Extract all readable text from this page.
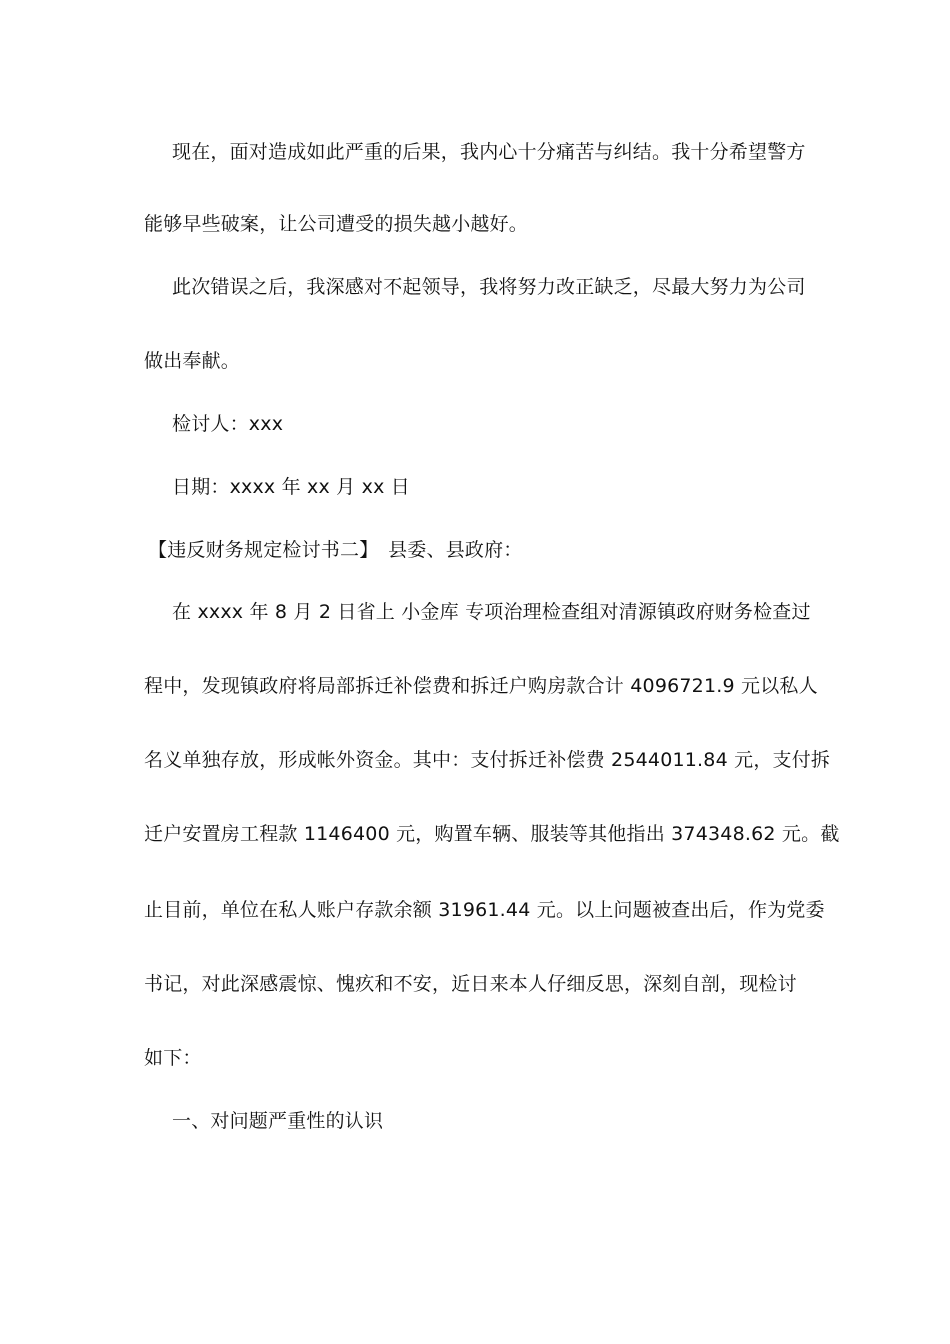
现在，面对造成如此严重的后果，我内心十分痛苦与纠结。我十分希望警方
能够早些破案，让公司遭受的损失越小越好。
此次错误之后，我深感对不起领导，我将努力改正缺乏，尽最大努力为公司
做出奉献。
检讨人：xxx
日期：xxxx 年 xx 月 xx 日
【违反财务规定检讨书二】　县委、县政府：
在 xxxx 年 8 月 2 日省上 小金库 专项治理检查组对清源镇政府财务检查过
程中，发现镇政府将局部拆迁补偿费和拆迁户购房款合计 4096721.9 元以私人
名义单独存放，形成帐外资金。其中：支付拆迁补偿费 2544011.84 元，支付拆
迁户安置房工程款 1146400 元，购置车辆、服装等其他指出 374348.62 元。截
止目前，单位在私人账户存款余额 31961.44 元。以上问题被查出后，作为党委
书记，对此深感震惊、愧疚和不安，近日来本人仔细反思，深刻自剖，现检讨
如下：
一、对问题严重性的认识
